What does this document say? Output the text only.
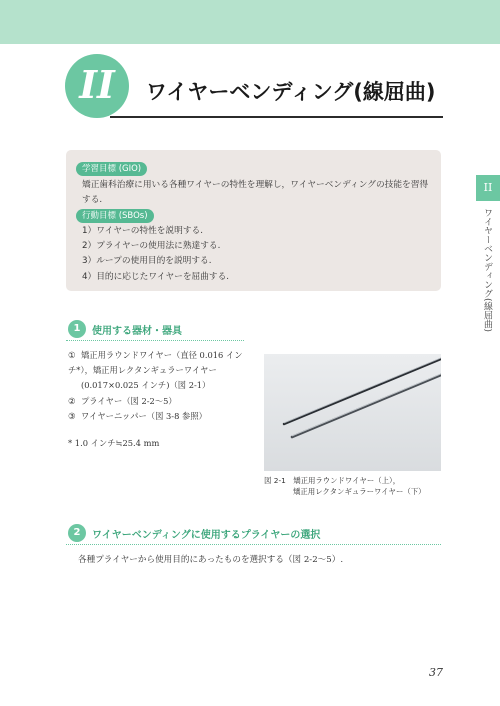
II	ワイヤーベンディング(線屈曲)
II
ワイヤーベンディング(線屈曲)
学習目標 (GIO)
矯正歯科治療に用いる各種ワイヤーの特性を理解し，ワイヤーベンディングの技能を習得する.
行動目標 (SBOs)
1）ワイヤーの特性を説明する.
2）プライヤーの使用法に熟達する.
3）ループの使用目的を説明する.
4）目的に応じたワイヤーを屈曲する.
1	使用する器材・器具
① 矯正用ラウンドワイヤー（直径 0.016 インチ*），矯正用レクタンギュラーワイヤー
(0.017×0.025 インチ)（図 2-1）
② プライヤー（図 2-2〜5）
③ ワイヤーニッパー（図 3-8 参照）
* 1.0 インチ≒25.4 mm
図 2-1　矯正用ラウンドワイヤー（上），
矯正用レクタンギュラーワイヤー（下）
2	ワイヤーベンディングに使用するプライヤーの選択
各種プライヤーから使用目的にあったものを選択する（図 2-2〜5）.
37
